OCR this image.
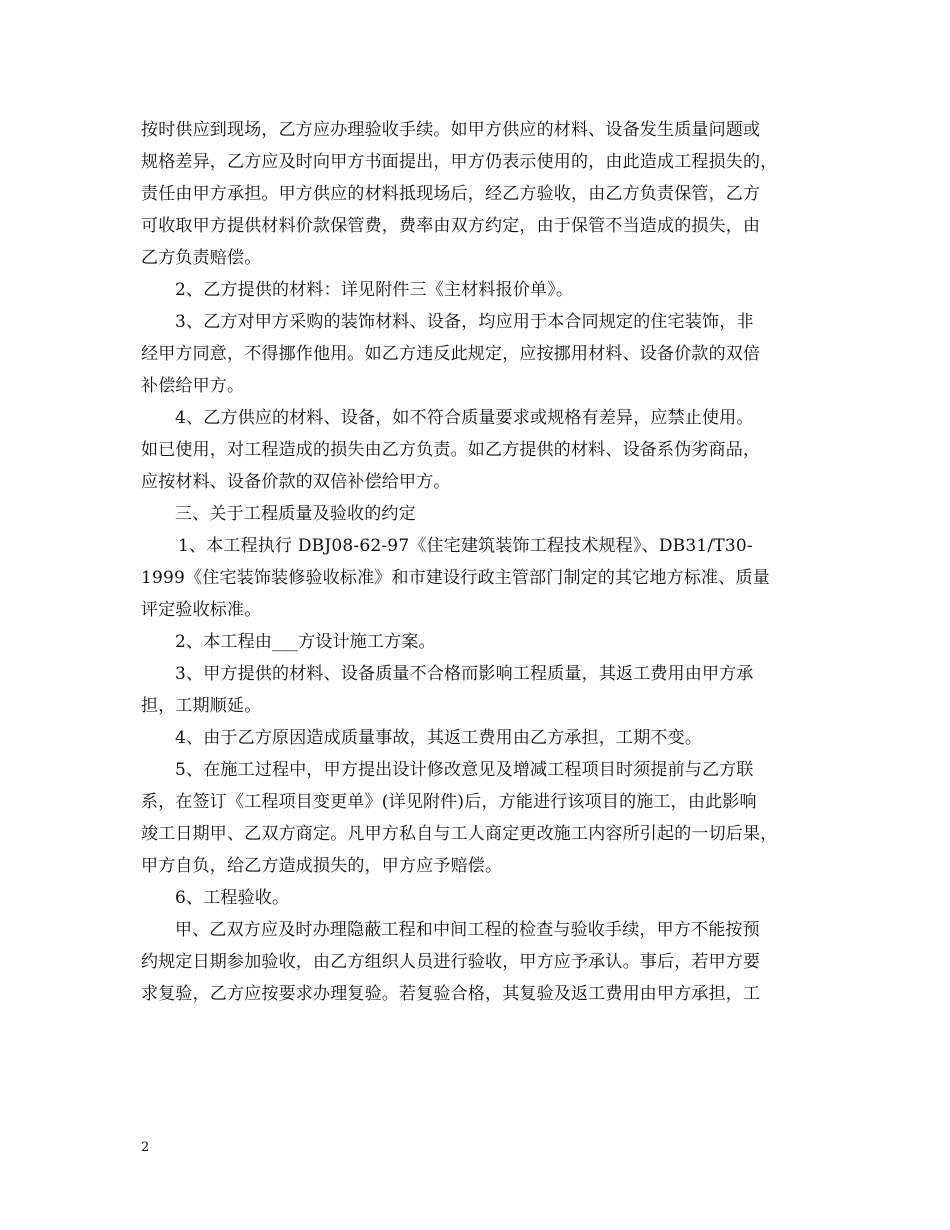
按时供应到现场，乙方应办理验收手续。如甲方供应的材料、设备发生质量问题或
规格差异，乙方应及时向甲方书面提出，甲方仍表示使用的，由此造成工程损失的，
责任由甲方承担。甲方供应的材料抵现场后，经乙方验收，由乙方负责保管，乙方
可收取甲方提供材料价款保管费，费率由双方约定，由于保管不当造成的损失，由
乙方负责赔偿。
2、乙方提供的材料：详见附件三《主材料报价单》。
3、乙方对甲方采购的装饰材料、设备，均应用于本合同规定的住宅装饰，非
经甲方同意，不得挪作他用。如乙方违反此规定，应按挪用材料、设备价款的双倍
补偿给甲方。
4、乙方供应的材料、设备，如不符合质量要求或规格有差异，应禁止使用。
如已使用，对工程造成的损失由乙方负责。如乙方提供的材料、设备系伪劣商品，
应按材料、设备价款的双倍补偿给甲方。
三、关于工程质量及验收的约定
1、本工程执行 DBJ08-62-97《住宅建筑装饰工程技术规程》、DB31/T30-
1999《住宅装饰装修验收标准》和市建设行政主管部门制定的其它地方标准、质量
评定验收标准。
2、本工程由___方设计施工方案。
3、甲方提供的材料、设备质量不合格而影响工程质量，其返工费用由甲方承
担，工期顺延。
4、由于乙方原因造成质量事故，其返工费用由乙方承担，工期不变。
5、在施工过程中，甲方提出设计修改意见及增减工程项目时须提前与乙方联
系，在签订《工程项目变更单》(详见附件)后，方能进行该项目的施工，由此影响
竣工日期甲、乙双方商定。凡甲方私自与工人商定更改施工内容所引起的一切后果，
甲方自负，给乙方造成损失的，甲方应予赔偿。
6、工程验收。
甲、乙双方应及时办理隐蔽工程和中间工程的检查与验收手续，甲方不能按预
约规定日期参加验收，由乙方组织人员进行验收，甲方应予承认。事后，若甲方要
求复验，乙方应按要求办理复验。若复验合格，其复验及返工费用由甲方承担，工
2
